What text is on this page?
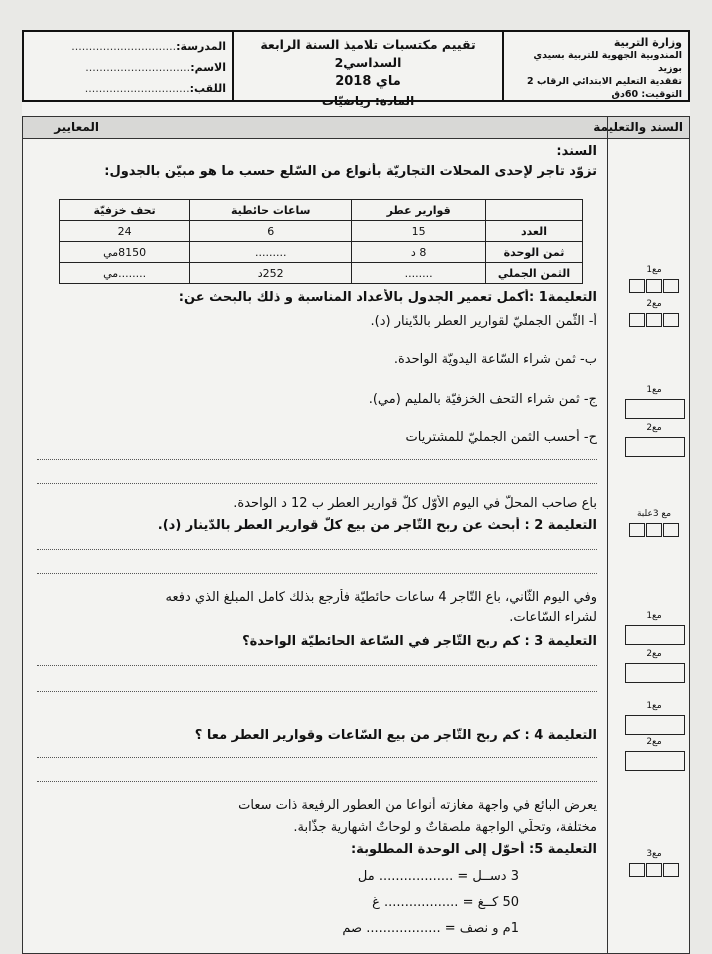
وزارة التربية
المندوبية الجهوية للتربية بسيدي بوزيد
تفقدية التعليم الابتدائي الرقاب 2
التوقيت: 60دق
تقييم مكتسبات تلاميذ السنة الرابعة السداسي2
ماي 2018
المادة: رياضيّات
المدرسة:..............................
الاسم:..............................
اللقب:..............................
السند والتعليمة
المعايير
السند:
تزوّد تاجر لإحدى المحلات التجاريّة بأنواع من السّلع حسب ما هو مبيّن بالجدول:
	قوارير عطر	ساعات حائطية	تحف خزفيّة
العدد	15	6	24
ثمن الوحدة	8 د	.........	8150مي
الثمن الجملي	........	252د	........مي
التعليمة1 :أكمل تعمير الجدول بالأعداد المناسبة و ذلك بالبحث عن:
أ- الثّمن الجمليّ لقوارير العطر بالدّينار (د).
ب- ثمن شراء السّاعة اليدويّة الواحدة.
ج- ثمن شراء التحف الخزفيّة بالمليم (مي).
ح- أحسب الثمن الجمليّ للمشتريات
باع صاحب المحلّ في اليوم الأوّل كلّ قوارير العطر ب 12 د الواحدة.
التعليمة 2 : أبحث عن ربح التّاجر من بيع كلّ قوارير العطر بالدّينار (د).
وفي اليوم الثّاني، باع التّاجر 4 ساعات حائطيّة فأرجع بذلك كامل المبلغ الذي دفعه
لشراء السّاعات.
التعليمة 3 : كم ربح التّاجر في السّاعة الحائطيّة الواحدة؟
التعليمة 4 : كم ربح التّاجر من بيع السّاعات وقوارير العطر معا ؟
يعرض البائع في واجهة مغازته أنواعا من العطور الرفيعة ذات سعات
مختلفة، وتحلّي الواجهة ملصقاتٌ و لوحاتٌ اشهارية جذّابة.
التعليمة 5: أحوّل إلى الوحدة المطلوبة:
3 دســل = .................. مل
50 كــغ = .................. غ
1م و نصف = .................. صم
مع1
مع2
مع1
مع2
مع 3علبة
مع1
مع2
مع1
مع2
مع3
